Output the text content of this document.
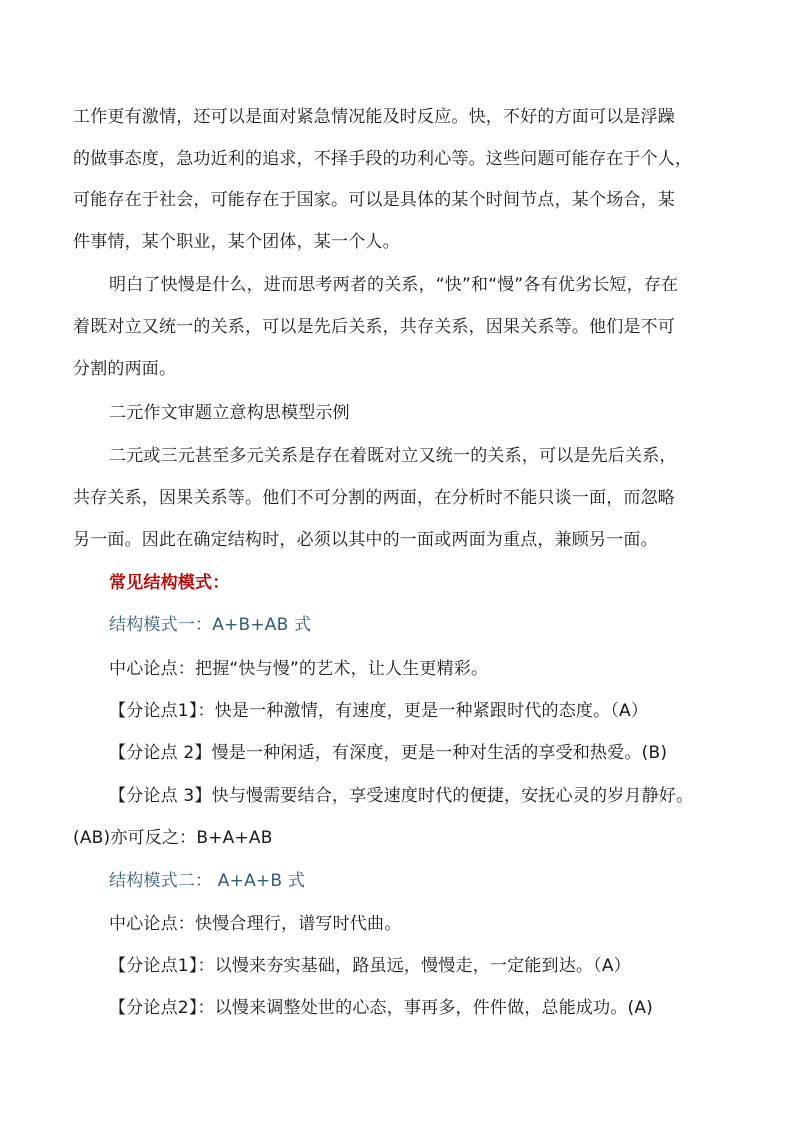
工作更有激情，还可以是面对紧急情况能及时反应。快，不好的方面可以是浮躁
的做事态度，急功近利的追求，不择手段的功利心等。这些问题可能存在于个人，
可能存在于社会，可能存在于国家。可以是具体的某个时间节点，某个场合，某
件事情，某个职业，某个团体，某一个人。
明白了快慢是什么，进而思考两者的关系，“快”和“慢”各有优劣长短，存在
着既对立又统一的关系，可以是先后关系，共存关系，因果关系等。他们是不可
分割的两面。
二元作文审题立意构思模型示例
二元或三元甚至多元关系是存在着既对立又统一的关系，可以是先后关系，
共存关系，因果关系等。他们不可分割的两面，在分析时不能只谈一面，而忽略
另一面。因此在确定结构时，必须以其中的一面或两面为重点，兼顾另一面。
常见结构模式：
结构模式一：A+B+AB 式
中心论点：把握“快与慢”的艺术，让人生更精彩。
【分论点1】：快是一种激情，有速度，更是一种紧跟时代的态度。（A）
【分论点 2】慢是一种闲适，有深度，更是一种对生活的享受和热爱。(B)
【分论点 3】快与慢需要结合，享受速度时代的便捷，安抚心灵的岁月静好。
(AB)亦可反之：B+A+AB
结构模式二： A+A+B 式
中心论点：快慢合理行，谱写时代曲。
【分论点1】：以慢来夯实基础，路虽远，慢慢走，一定能到达。（A）
【分论点2】：以慢来调整处世的心态，事再多，件件做，总能成功。(A)
